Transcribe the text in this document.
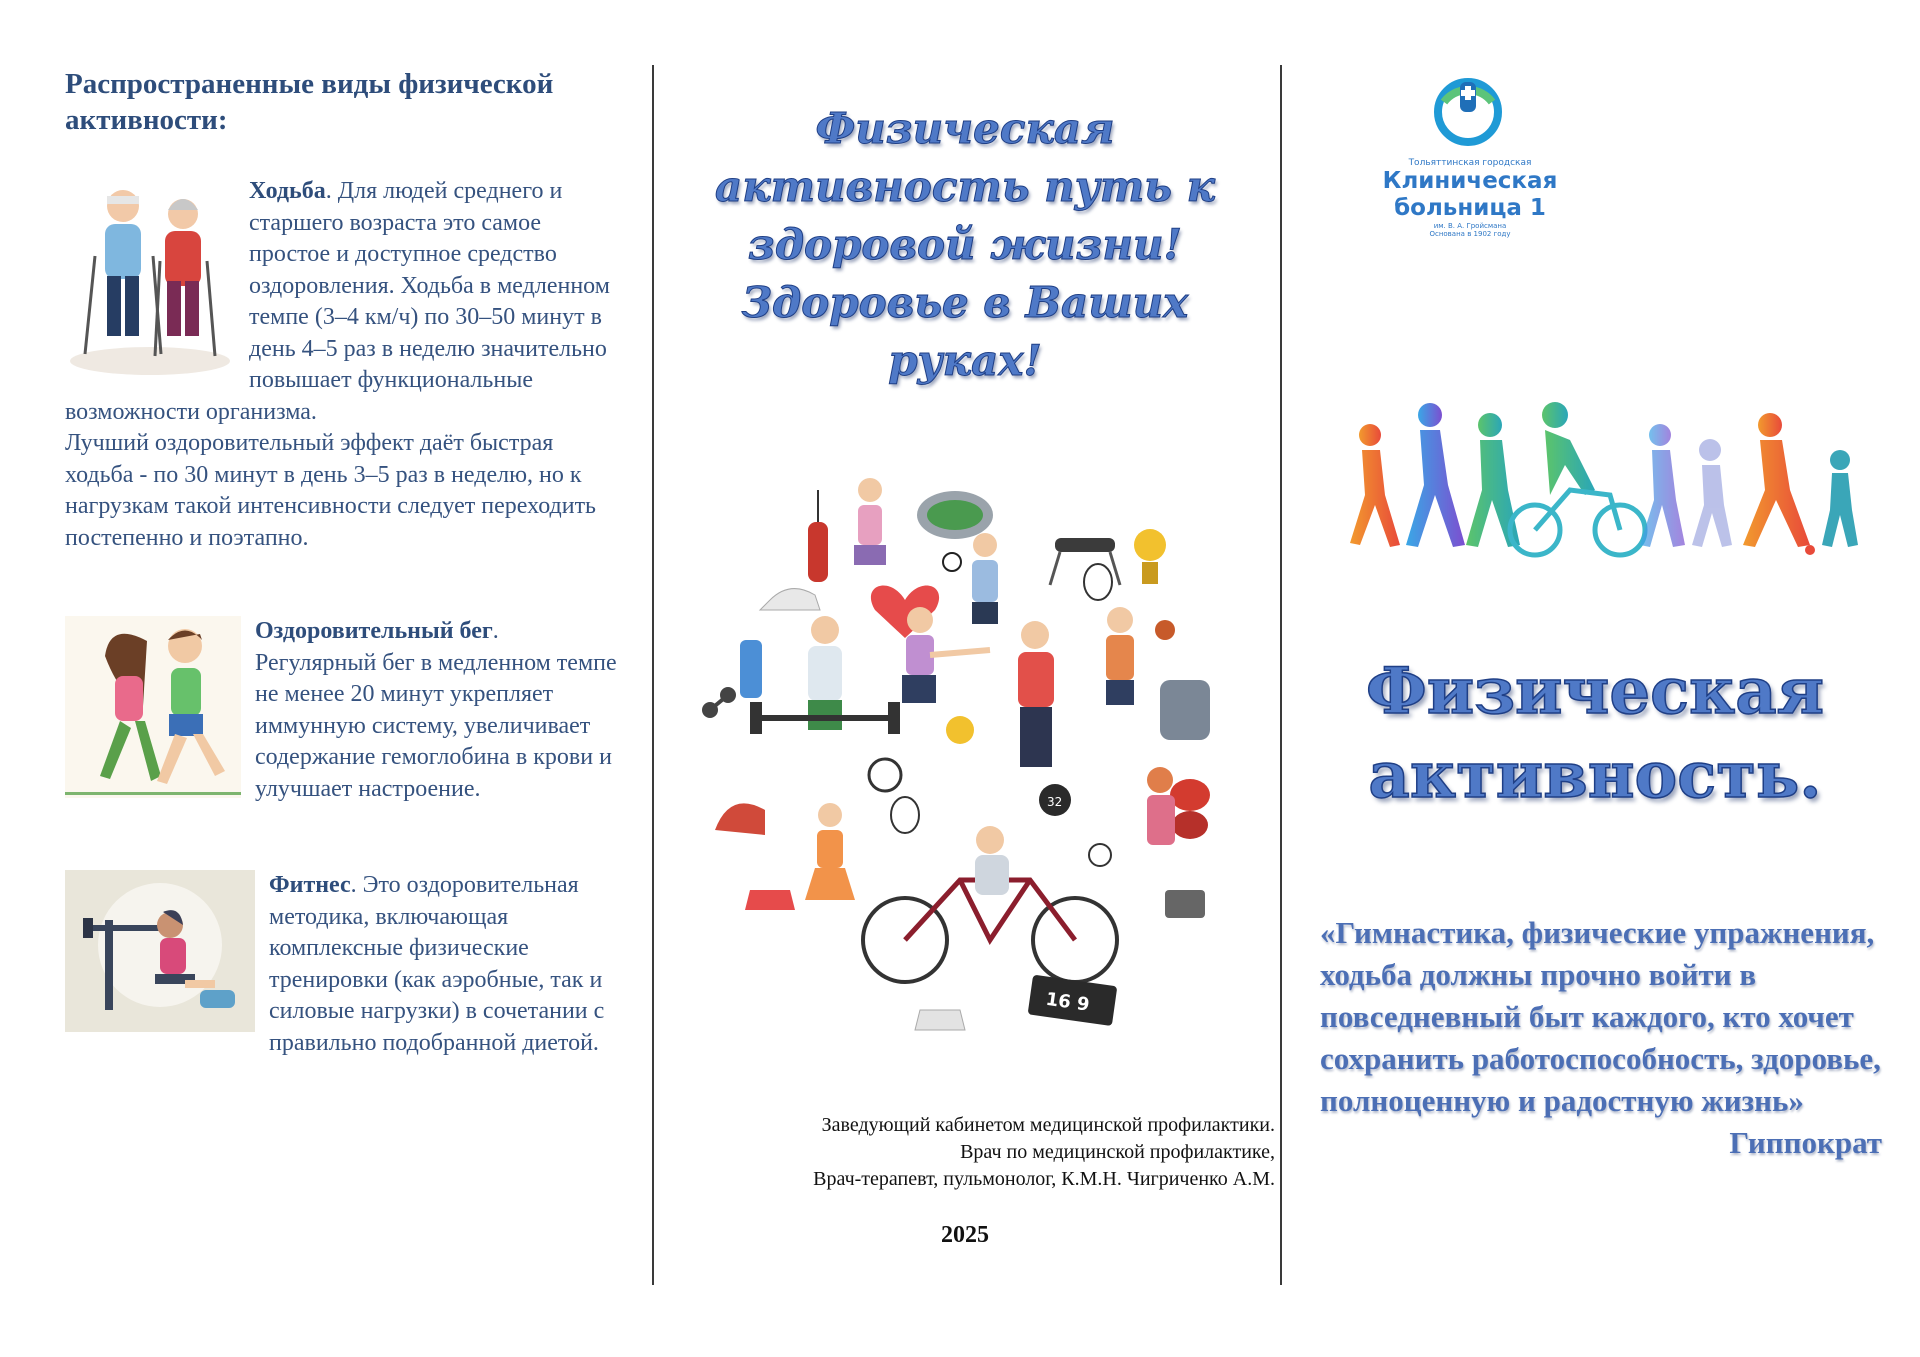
Распространенные виды физической активности:
Ходьба. Для людей среднего и старшего возраста это самое простое и доступное средство оздоровления. Ходьба в медленном темпе (3–4 км/ч) по 30–50 минут в день 4–5 раз в неделю значительно повышает функциональные возможности организма.
Лучший оздоровительный эффект даёт быстрая ходьба - по 30 минут в день 3–5 раз в неделю, но к нагрузкам такой интенсивности следует переходить постепенно и поэтапно.
Оздоровительный бег. Регулярный бег в медленном темпе не менее 20 минут укрепляет иммунную систему, увеличивает содержание гемоглобина в крови и улучшает настроение.
Фитнес. Это оздоровительная методика, включающая комплексные физические тренировки (как аэробные, так и силовые нагрузки) в сочетании с правильно подобранной диетой.
Физическая активность путь к здоровой жизни! Здоровье в Ваших руках!
32
16 9
Заведующий кабинетом медицинской профилактики.
Врач по медицинской профилактике,
Врач-терапевт, пульмонолог, К.М.Н. Чигриченко А.М.
2025
Тольяттинская городская
Клиническая
больница 1
им. В. А. Гройсмана
Основана в 1902 году
Физическая активность.
«Гимнастика, физические упражнения, ходьба должны прочно войти в повседневный быт каждого, кто хочет сохранить работоспособность, здоровье, полноценную и радостную жизнь»
Гиппократ
